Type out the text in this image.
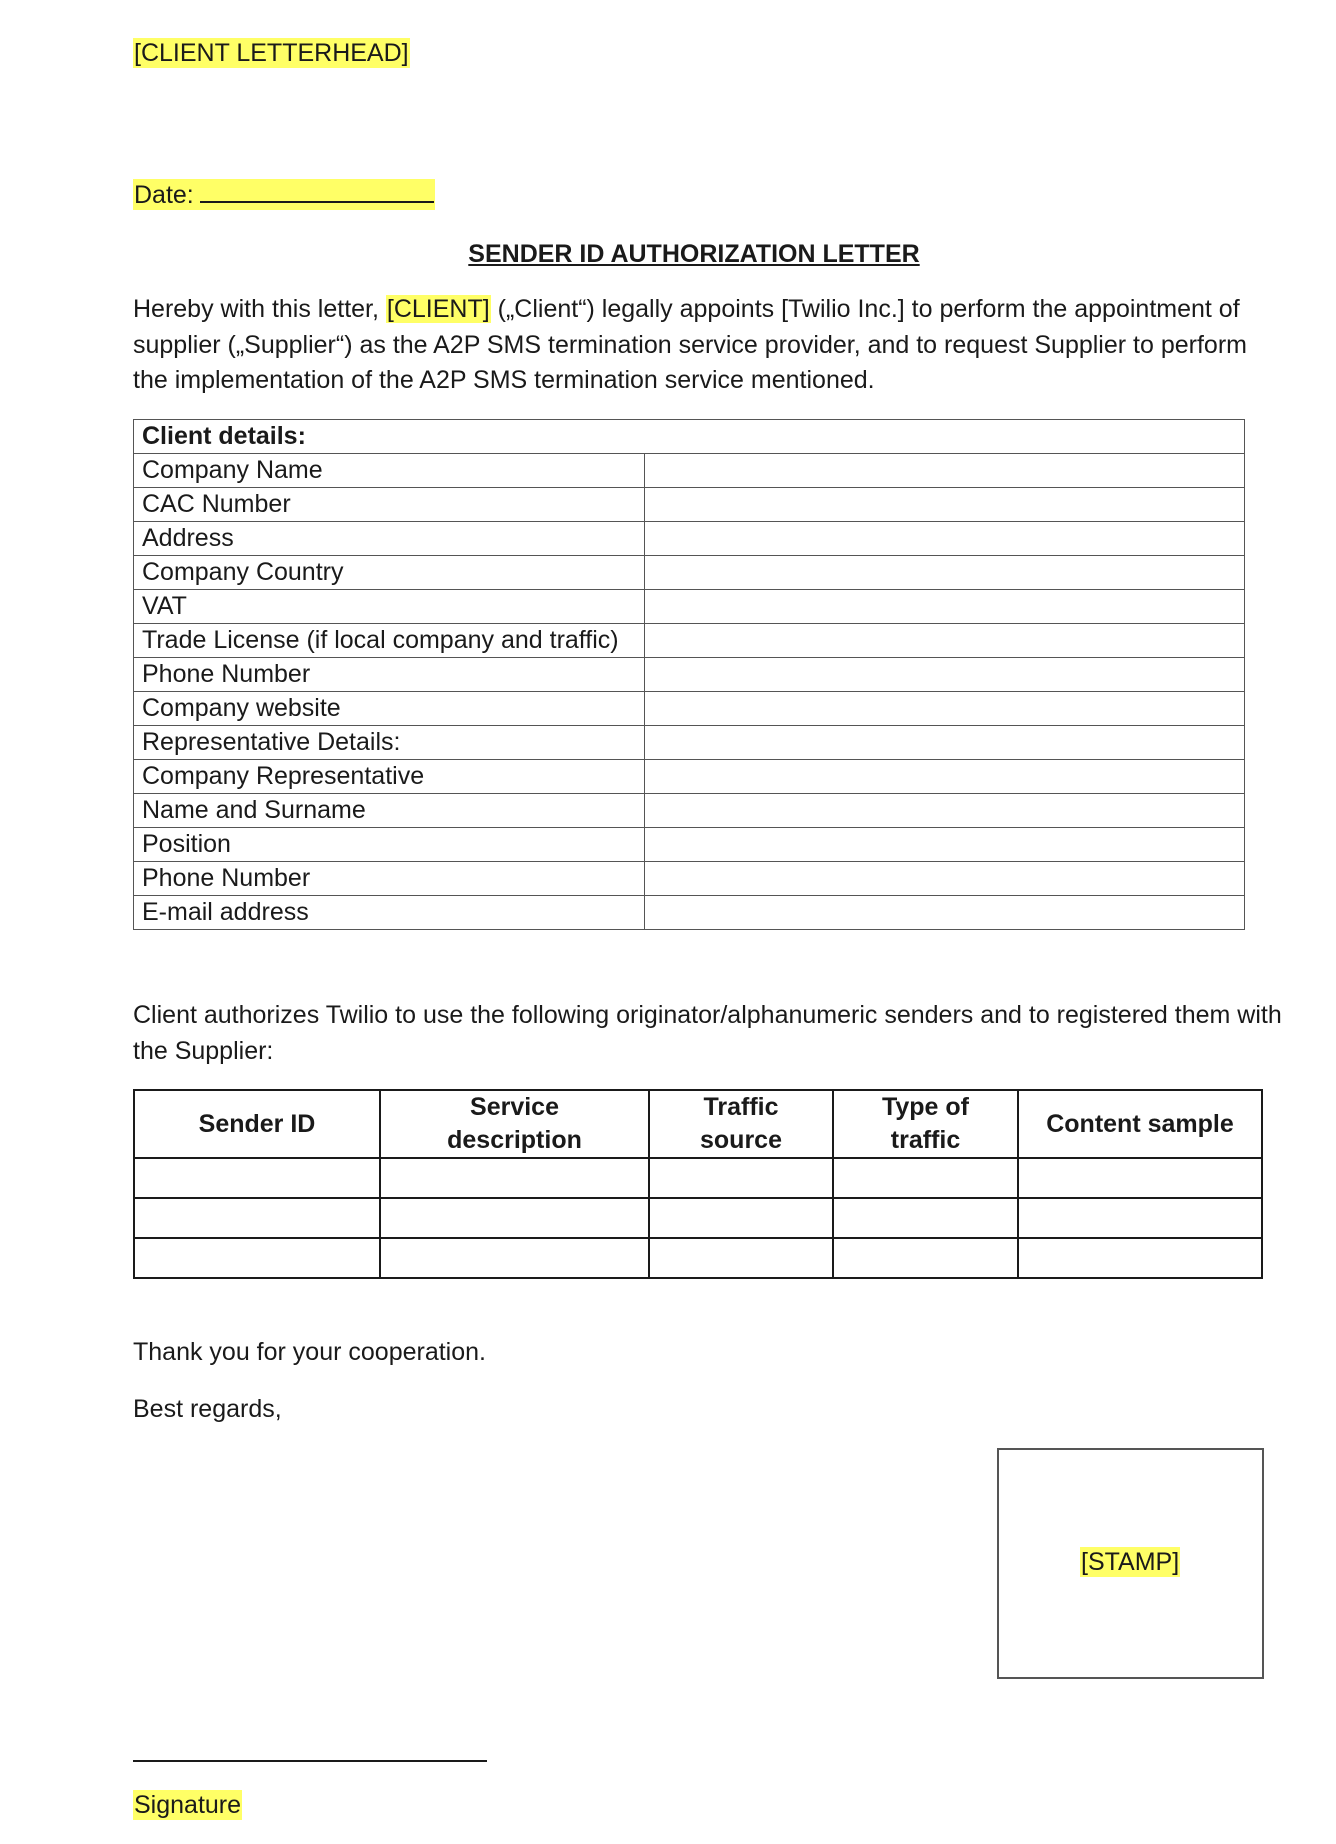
[CLIENT LETTERHEAD]
Date:
SENDER ID AUTHORIZATION LETTER
Hereby with this letter, [CLIENT] („Client“) legally appoints [Twilio Inc.] to perform the appointment of supplier („Supplier“) as the A2P SMS termination service provider, and to request Supplier to perform the implementation of the A2P SMS termination service mentioned.
Client details:	
Company Name	
CAC Number	
Address	
Company Country	
VAT	
Trade License (if local company and traffic)	
Phone Number	
Company website	
Representative Details:	
Company Representative	
Name and Surname	
Position	
Phone Number	
E-mail address	
Client authorizes Twilio to use the following originator/alphanumeric senders and to registered them with the Supplier:
Sender ID	Service description	Traffic source	Type of traffic	Content sample

Thank you for your cooperation.
Best regards,
[STAMP]
Signature
